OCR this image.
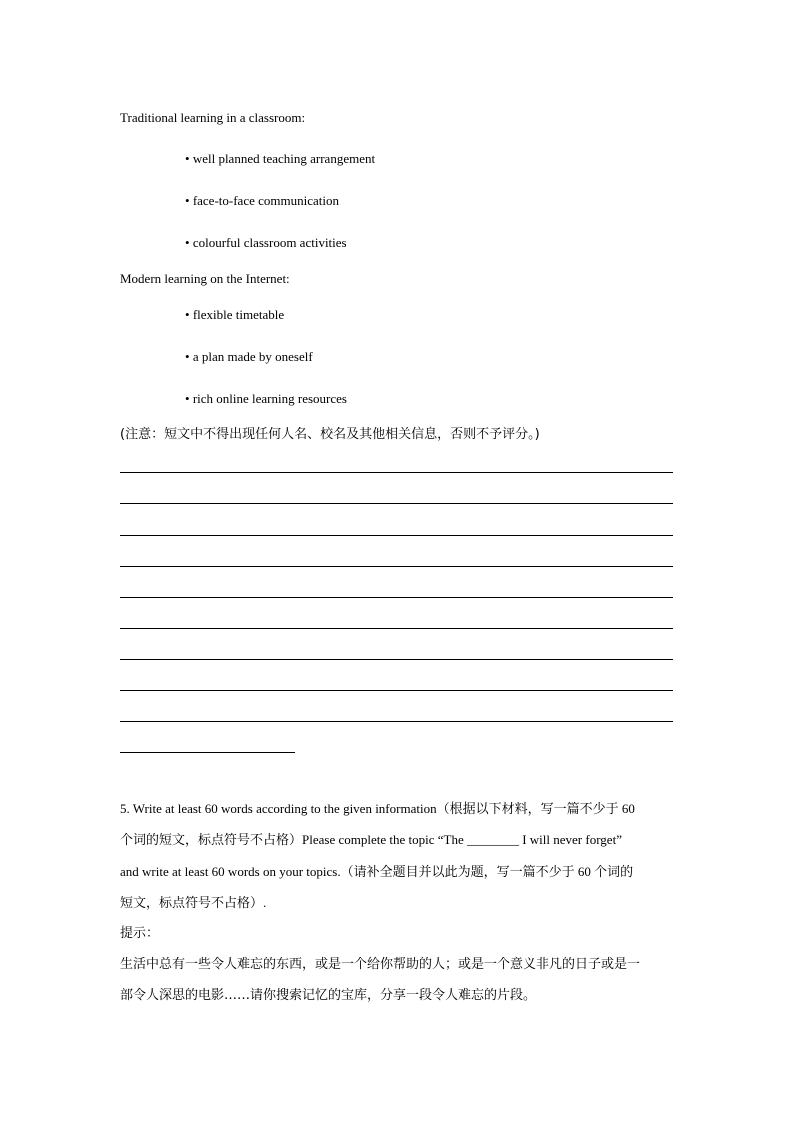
Traditional learning in a classroom:
• well planned teaching arrangement
• face-to-face communication
• colourful classroom activities
Modern learning on the Internet:
• flexible timetable
• a plan made by oneself
• rich online learning resources
(注意：短文中不得出现任何人名、校名及其他相关信息，否则不予评分。)
5. Write at least 60 words according to the given information（根据以下材料，写一篇不少于 60
个词的短文，标点符号不占格）Please complete the topic “The ________ I will never forget”
and write at least 60 words on your topics.（请补全题目并以此为题，写一篇不少于 60 个词的
短文，标点符号不占格）.
提示：
生活中总有一些令人难忘的东西，或是一个给你帮助的人；或是一个意义非凡的日子或是一
部令人深思的电影……请你搜索记忆的宝库，分享一段令人难忘的片段。
